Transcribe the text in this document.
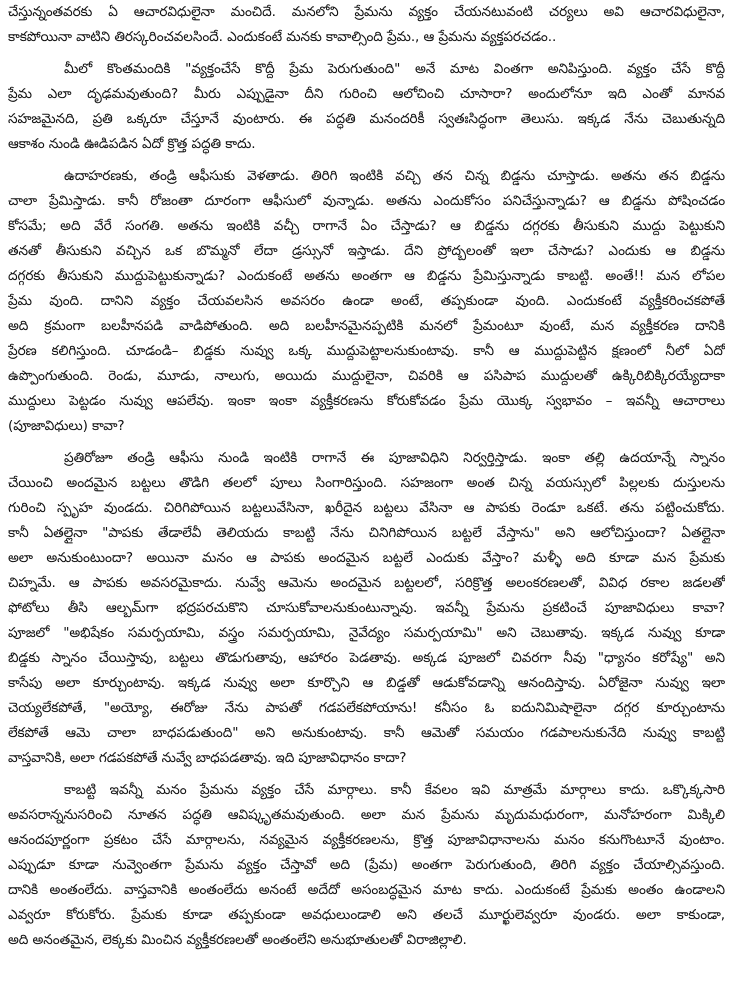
చేస్తున్నంతవరకు ఏ ఆచారవిధులైనా మంచిదే. మనలోని ప్రేమను వ్యక్తం చేయనటువంటి చర్యలు అవి ఆచారవిధులైనా,
కాకపోయినా వాటిని తిరస్కరించవలసిందే. ఎందుకంటే మనకు కావాల్సింది ప్రేమ., ఆ ప్రేమను వ్యక్తపరచడం..
మీలో కొంతమందికి "వ్యక్తంచేసే కొద్దీ ప్రేమ పెరుగుతుంది" అనే మాట వింతగా అనిపిస్తుంది. వ్యక్తం చేసే కొద్దీ
ప్రేమ ఎలా దృఢమవుతుంది? మీరు ఎప్పుడైనా దీని గురించి ఆలోచించి చూసారా? అందులోనూ ఇది ఎంతో మానవ
సహజమైనది, ప్రతి ఒక్కరూ చేస్తూనే వుంటారు. ఈ పద్ధతి మనందరికీ స్వతఃసిద్ధంగా తెలుసు. ఇక్కడ నేను చెబుతున్నది
ఆకాశం నుండి ఊడిపడిన ఏదో క్రొత్త పద్ధతి కాదు.
ఉదాహరణకు, తండ్రి ఆఫీసుకు వెళతాడు. తిరిగి ఇంటికి వచ్చి తన చిన్న బిడ్డను చూస్తాడు. అతను తన బిడ్డను
చాలా ప్రేమిస్తాడు. కానీ రోజంతా దూరంగా ఆఫీసులో వున్నాడు. అతను ఎందుకోసం పనిచేస్తున్నాడు? ఆ బిడ్డను పోషించడం
కోసమే; అది వేరే సంగతి. అతను ఇంటికి వచ్చీ రాగానే ఏం చేస్తాడు? ఆ బిడ్డను దగ్గరకు తీసుకుని ముద్దు పెట్టుకుని
తనతో తీసుకుని వచ్చిన ఒక బొమ్మనో లేదా డ్రస్సునో ఇస్తాడు. దేని ప్రోద్బలంతో ఇలా చేసాడు? ఎందుకు ఆ బిడ్డను
దగ్గరకు తీసుకుని ముద్దుపెట్టుకున్నాడు? ఎందుకంటే అతను అంతగా ఆ బిడ్డను ప్రేమిస్తున్నాడు కాబట్టి. అంతే!! మన లోపల
ప్రేమ వుంది. దానిని వ్యక్తం చేయవలసిన అవసరం ఉండా అంటే, తప్పకుండా వుంది. ఎందుకంటే వ్యక్తీకరించకపోతే
అది క్రమంగా బలహీనపడి వాడిపోతుంది. అది బలహీనమైనప్పటికి మనలో ప్రేమంటూ వుంటే, మన వ్యక్తీకరణ దానికి
ప్రేరణ కలిగిస్తుంది. చూడండి– బిడ్డకు నువ్వు ఒక్క ముద్దుపెట్టాలనుకుంటావు. కానీ ఆ ముద్దుపెట్టిన క్షణంలో నీలో ఏదో
ఉప్పొంగుతుంది. రెండు, మూడు, నాలుగు, అయిదు ముద్దులైనా, చివరికి ఆ పసిపాప ముద్దులతో ఉక్కిరిబిక్కిరయ్యేదాకా
ముద్దులు పెట్టడం నువ్వు ఆపలేవు. ఇంకా ఇంకా వ్యక్తీకరణను కోరుకోవడం ప్రేమ యొక్క స్వభావం – ఇవన్నీ ఆచారాలు
(పూజావిధులు) కావా?
ప్రతిరోజూ తండ్రి ఆఫీసు నుండి ఇంటికి రాగానే ఈ పూజావిధిని నిర్వర్తిస్తాడు. ఇంకా తల్లి ఉదయాన్నే స్నానం
చేయించి అందమైన బట్టలు తొడిగి తలలో పూలు సింగారిస్తుంది. సహజంగా అంత చిన్న వయస్సులో పిల్లలకు దుస్తులను
గురించి స్పృహ వుండదు. చిరిగిపోయిన బట్టలువేసినా, ఖరీదైన బట్టలు వేసినా ఆ పాపకు రెండూ ఒకటే. తను పట్టించుకోదు.
కానీ ఏతల్లైనా "పాపకు తేడాలేవీ తెలియదు కాబట్టి నేను చినిగిపోయిన బట్టలే వేస్తాను" అని ఆలోచిస్తుందా? ఏతల్లైనా
అలా అనుకుంటుందా? అయినా మనం ఆ పాపకు అందమైన బట్టలే ఎందుకు వేస్తాం? మళ్ళీ అది కూడా మన ప్రేమకు
చిహ్నమే. ఆ పాపకు అవసరమైకాదు. నువ్వే ఆమెను అందమైన బట్టలలో, సరిక్రొత్త అలంకరణలతో, వివిధ రకాల జడలతో
ఫోటోలు తీసి ఆల్బమ్‌గా భద్రపరచుకొని చూసుకోవాలనుకుంటున్నావు. ఇవన్నీ ప్రేమను ప్రకటించే పూజావిధులు కావా?
పూజలో "అభిషేకం సమర్పయామి, వస్త్రం సమర్పయామి, నైవేద్యం సమర్పయామి" అని చెబుతావు. ఇక్కడ నువ్వు కూడా
బిడ్డకు స్నానం చేయిస్తావు, బట్టలు తొడుగుతావు, ఆహారం పెడతావు. అక్కడ పూజలో చివరగా నీవు "ధ్యానం కరోష్యే" అని
కాసేపు అలా కూర్చుంటావు. ఇక్కడ నువ్వు అలా కూర్చొని ఆ బిడ్డతో ఆడుకోవడాన్ని ఆనందిస్తావు. ఏరోజైనా నువ్వు ఇలా
చెయ్యలేకపోతే, "అయ్యో, ఈరోజు నేను పాపతో గడపలేకపోయాను! కనీసం ఓ ఐదునిమిషాలైనా దగ్గర కూర్చుంటాను
లేకపోతే ఆమె చాలా బాధపడుతుంది" అని అనుకుంటావు. కానీ ఆమెతో సమయం గడపాలనుకునేది నువ్వు కాబట్టి
వాస్తవానికి, అలా గడపకపోతే నువ్వే బాధపడతావు. ఇది పూజావిధానం కాదా?
కాబట్టి ఇవన్నీ మనం ప్రేమను వ్యక్తం చేసే మార్గాలు. కానీ కేవలం ఇవి మాత్రమే మార్గాలు కాదు. ఒక్కొక్కసారి
అవసరాన్ననుసరించి నూతన పద్ధతి ఆవిష్కృతమవుతుంది. అలా మన ప్రేమను మృదుమధురంగా, మనోహరంగా మిక్కిలి
ఆనందపూర్ణంగా ప్రకటం చేసే మార్గాలను, నవ్యమైన వ్యక్తీకరణలను, క్రొత్త పూజావిధానాలను మనం కనుగొంటూనే వుంటాం.
ఎప్పుడూ కూడా నువ్వెంతగా ప్రేమను వ్యక్తం చేస్తావో అది (ప్రేమ) అంతగా పెరుగుతుంది, తిరిగి వ్యక్తం చేయాల్సివస్తుంది.
దానికి అంతంలేదు. వాస్తవానికి అంతంలేదు అనంటే అదేదో అసంబద్ధమైన మాట కాదు. ఎందుకంటే ప్రేమకు అంతం ఉండాలని
ఎవ్వరూ కోరుకోరు. ప్రేమకు కూడా తప్పకుండా అవధులుండాలి అని తలచే మూర్ఖులెవ్వరూ వుండరు. అలా కాకుండా,
అది అనంతమైన, లెక్కకు మించిన వ్యక్తీకరణలతో అంతంలేని అనుభూతులతో విరాజిల్లాలి.
